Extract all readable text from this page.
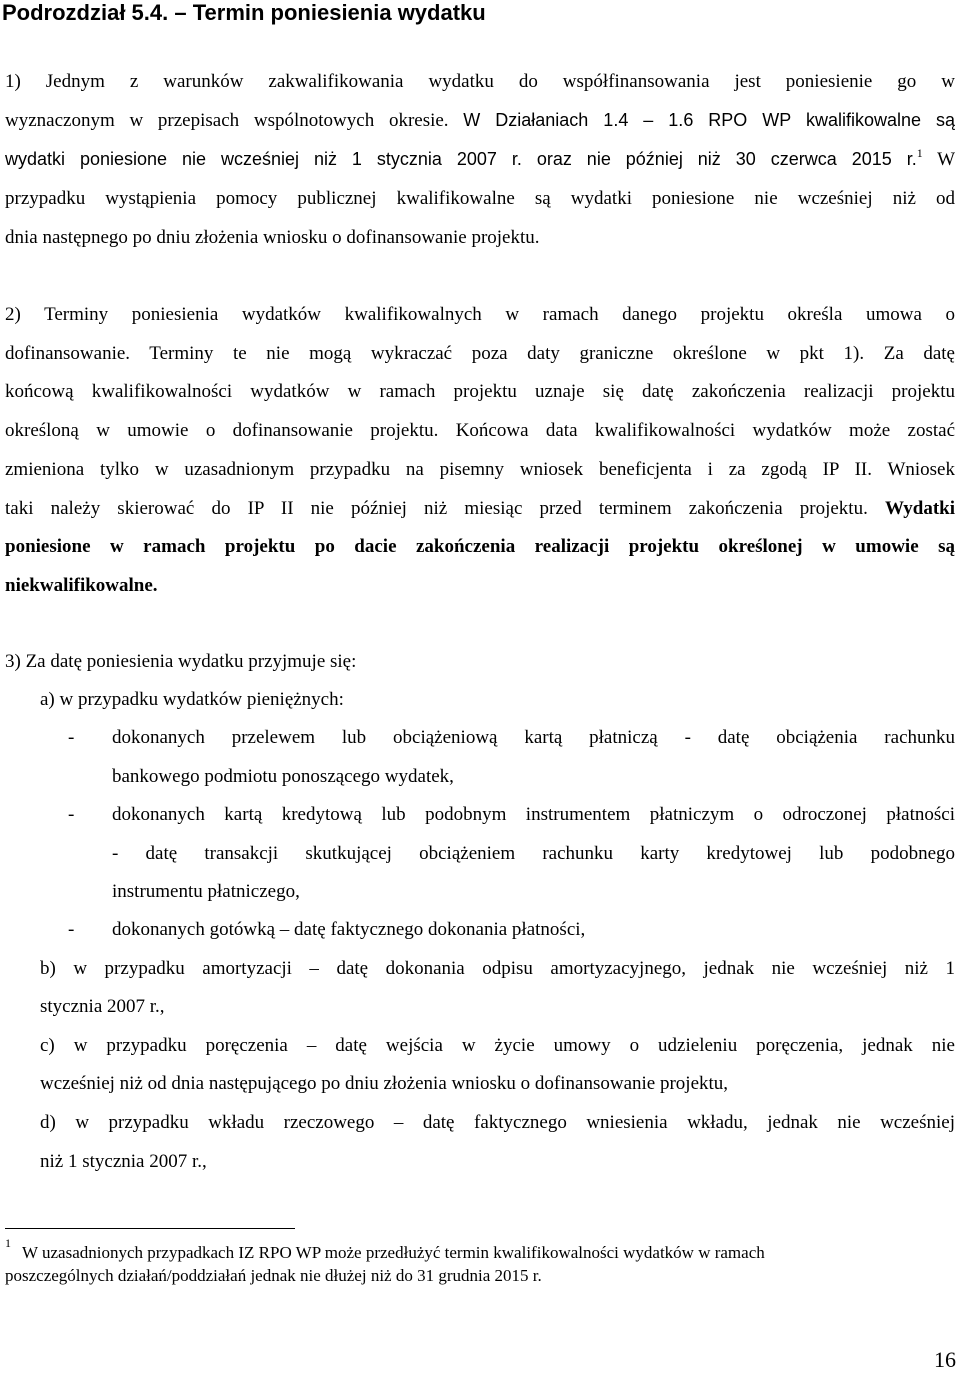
Podrozdział 5.4. – Termin poniesienia wydatku
1) Jednym z warunków zakwalifikowania wydatku do współfinansowania jest poniesienie go w
wyznaczonym w przepisach wspólnotowych okresie. W Działaniach 1.4 – 1.6 RPO WP kwalifikowalne są
wydatki poniesione nie wcześniej niż 1 stycznia 2007 r. oraz nie później niż 30 czerwca 2015 r.$^1$ W
przypadku wystąpienia pomocy publicznej kwalifikowalne są wydatki poniesione nie wcześniej niż od
dnia następnego po dniu złożenia wniosku o dofinansowanie projektu.
2) Terminy poniesienia wydatków kwalifikowalnych w ramach danego projektu określa umowa o
dofinansowanie. Terminy te nie mogą wykraczać poza daty graniczne określone w pkt 1). Za datę
końcową kwalifikowalności wydatków w ramach projektu uznaje się datę zakończenia realizacji projektu
określoną w umowie o dofinansowanie projektu. Końcowa data kwalifikowalności wydatków może zostać
zmieniona tylko w uzasadnionym przypadku na pisemny wniosek beneficjenta i za zgodą IP II. Wniosek
taki należy skierować do IP II nie później niż miesiąc przed terminem zakończenia projektu. Wydatki
poniesione w ramach projektu po dacie zakończenia realizacji projektu określonej w umowie są
niekwalifikowalne.
3) Za datę poniesienia wydatku przyjmuje się:
a) w przypadku wydatków pieniężnych:
-	dokonanych przelewem lub obciążeniową kartą płatniczą - datę obciążenia rachunku
bankowego podmiotu ponoszącego wydatek,
-	dokonanych kartą kredytową lub podobnym instrumentem płatniczym o odroczonej płatności
- datę transakcji skutkującej obciążeniem rachunku karty kredytowej lub podobnego
instrumentu płatniczego,
-	dokonanych gotówką – datę faktycznego dokonania płatności,
b) w przypadku amortyzacji – datę dokonania odpisu amortyzacyjnego, jednak nie wcześniej niż 1
stycznia 2007 r.,
c) w przypadku poręczenia – datę wejścia w życie umowy o udzieleniu poręczenia, jednak nie
wcześniej niż od dnia następującego po dniu złożenia wniosku o dofinansowanie projektu,
d) w przypadku wkładu rzeczowego – datę faktycznego wniesienia wkładu, jednak nie wcześniej
niż 1 stycznia 2007 r.,
1 W uzasadnionych przypadkach IZ RPO WP może przedłużyć termin kwalifikowalności wydatków w ramach
poszczególnych działań/poddziałań jednak nie dłużej niż do 31 grudnia 2015 r.
16
